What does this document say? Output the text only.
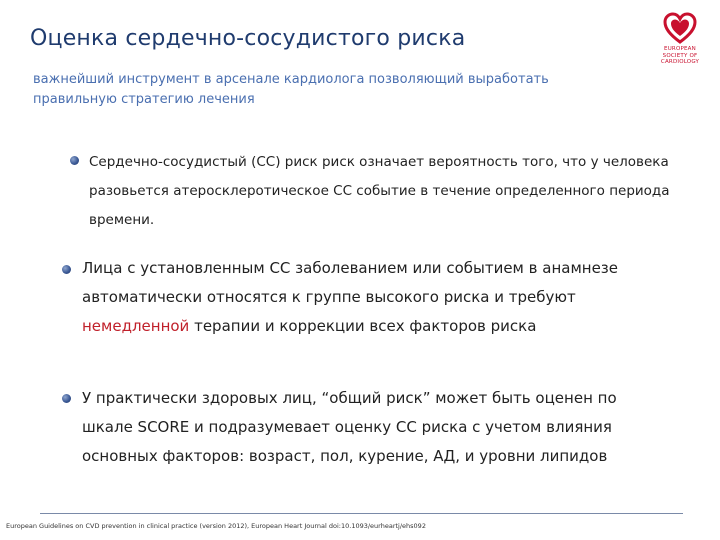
Оценка сердечно-сосудистого риска	EUROPEAN
SOCIETY OF
CARDIOLOGY
важнейший инструмент в арсенале кардиолога позволяющий выработать правильную стратегию лечения
Сердечно-сосудистый (СС) риск риск означает вероятность того, что у человека разовьется атеросклеротическое СС событие в течение определенного периода времени.
Лица с установленным СС заболеванием или событием в анамнезе автоматически относятся к группе высокого риска и требуют немедленной терапии и коррекции всех факторов риска
У практически здоровых лиц, “общий риск” может быть оценен по шкале SCORE и подразумевает оценку СС риска с учетом влияния основных факторов: возраст, пол, курение, АД, и уровни липидов
European Guidelines on CVD prevention in clinical practice (version 2012), European Heart Journal doi:10.1093/eurheartj/ehs092
